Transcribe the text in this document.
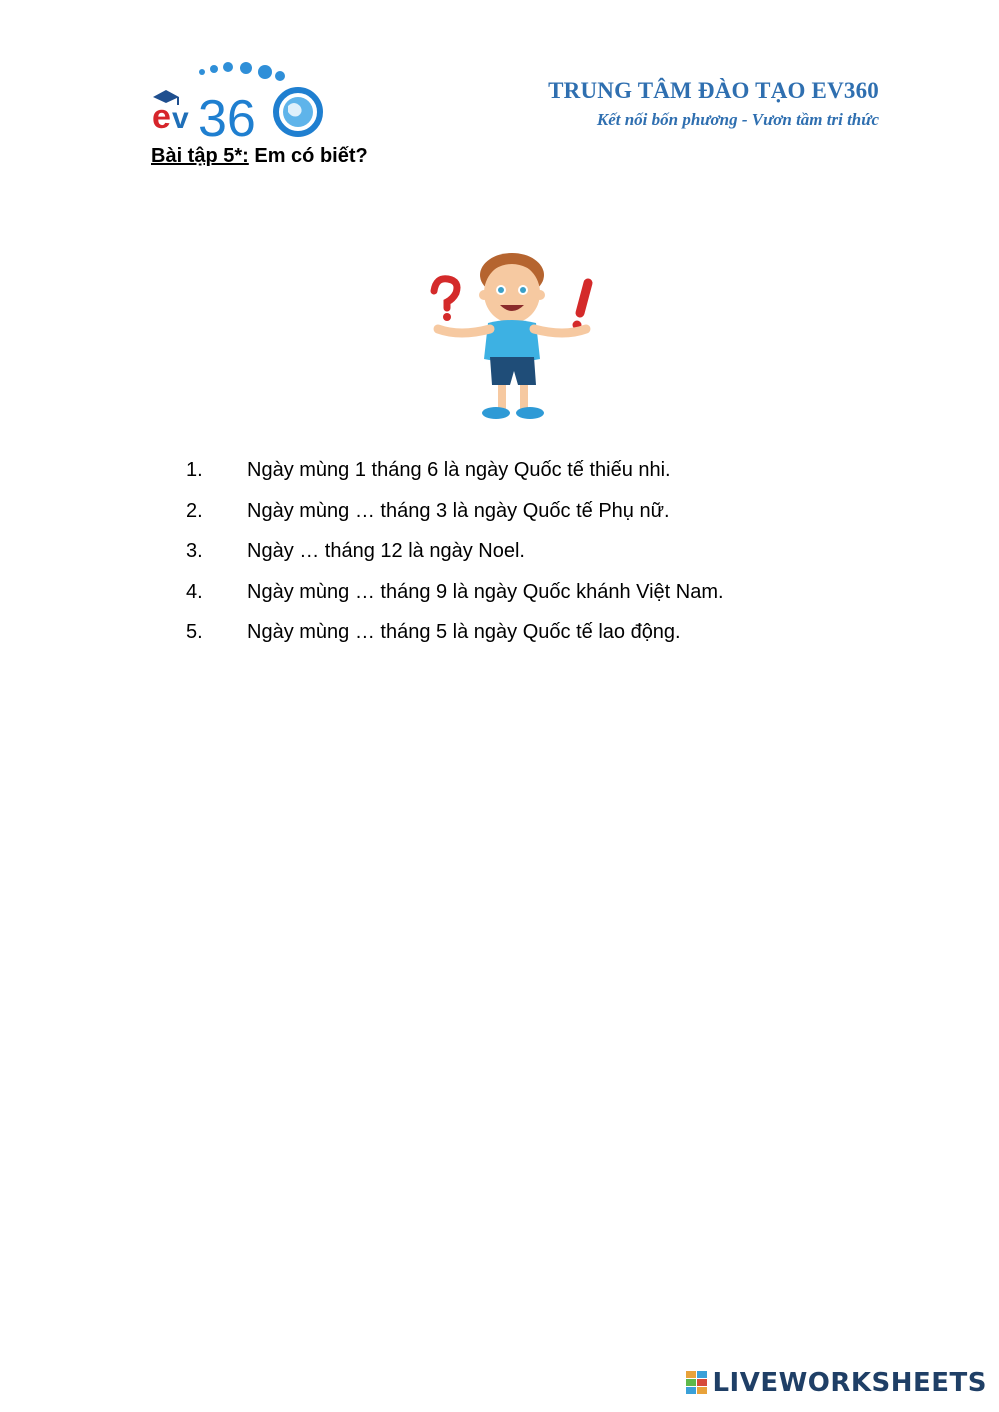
e v 36	TRUNG TÂM ĐÀO TẠO EV360
Kết nối bốn phương - Vươn tầm tri thức
Bài tập 5*: Em có biết?
1.	Ngày mùng 1 tháng 6 là ngày Quốc tế thiếu nhi.
2.	Ngày mùng … tháng 3 là ngày Quốc tế Phụ nữ.
3.	Ngày … tháng 12 là ngày Noel.
4.	Ngày mùng … tháng 9 là ngày Quốc khánh Việt Nam.
5.	Ngày mùng … tháng 5 là ngày Quốc tế lao động.
LIVEWORKSHEETS
